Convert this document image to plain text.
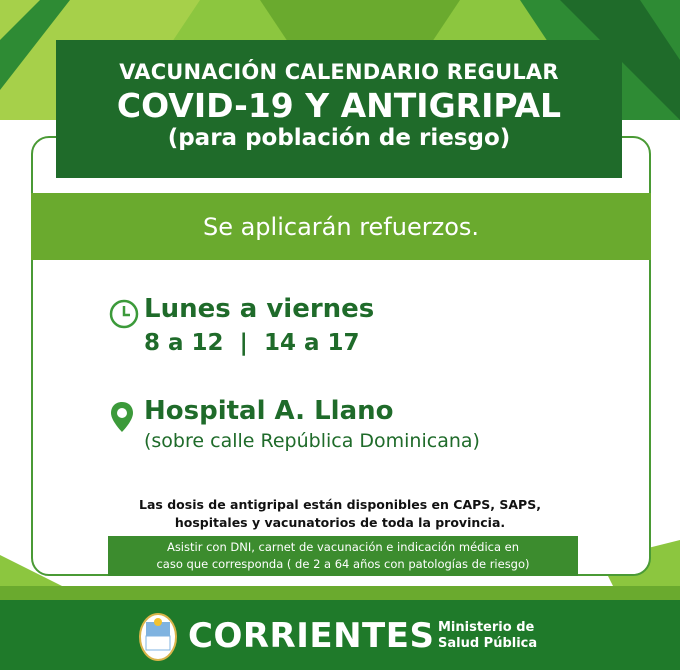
VACUNACIÓN CALENDARIO REGULAR
COVID-19 Y ANTIGRIPAL
(para población de riesgo)
Se aplicarán refuerzos.
Lunes a viernes
8 a 12  |  14 a 17
Hospital A. Llano
(sobre calle República Dominicana)
Las dosis de antigripal están disponibles en CAPS, SAPS,
hospitales y vacunatorios de toda la provincia.
Asistir con DNI, carnet de vacunación e indicación médica en
caso que corresponda ( de 2 a 64 años con patologías de riesgo)
CORRIENTES Ministerio de
Salud Pública
